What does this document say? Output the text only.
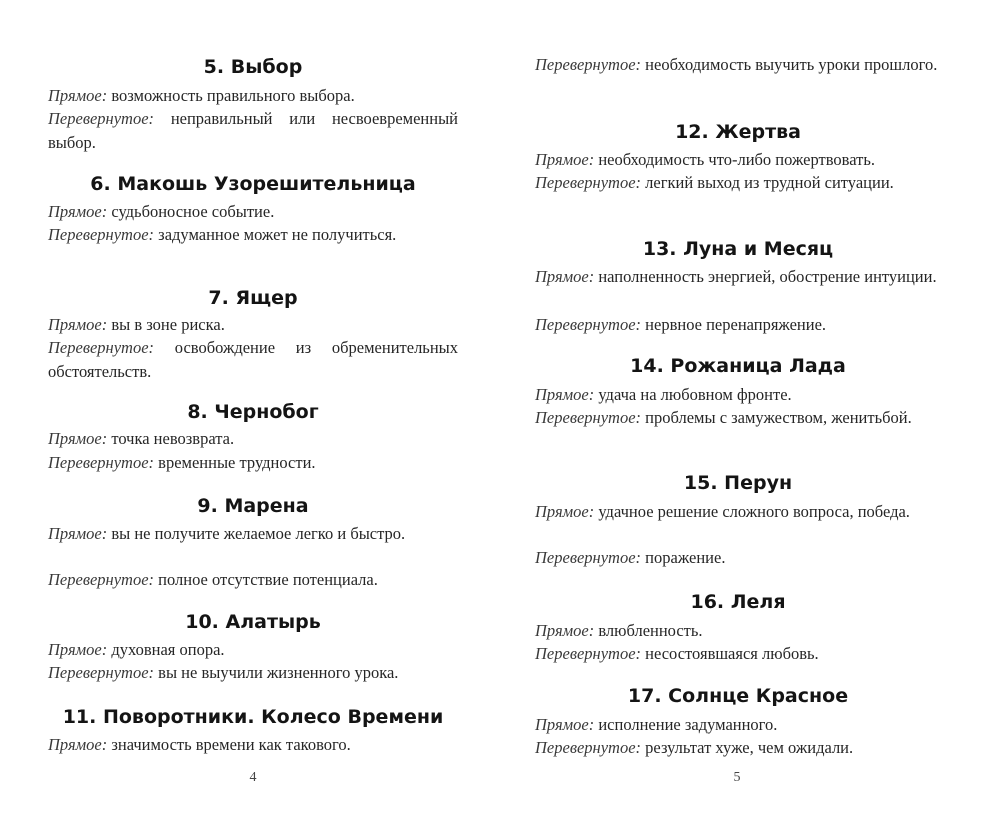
5. Выбор

Прямое: возможность правильного выбора.

Перевернутое: неправильный или несвоевременный выбор.

6. Макошь Узорешительница

Прямое: судьбоносное событие.

Перевернутое: задуманное может не получиться.

7. Ящер

Прямое: вы в зоне риска.

Перевернутое: освобождение из обременительных обстоятельств.

8. Чернобог

Прямое: точка невозврата.

Перевернутое: временные трудности.

9. Марена

Прямое: вы не получите желаемое легко и быстро.

Перевернутое: полное отсутствие потенциала.

10. Алатырь

Прямое: духовная опора.

Перевернутое: вы не выучили жизненного урока.

11. Поворотники. Колесо Времени

Прямое: значимость времени как такового.

4

Перевернутое: необходимость выучить уроки прошлого.

12. Жертва

Прямое: необходимость что-либо пожертвовать.

Перевернутое: легкий выход из трудной ситуации.

13. Луна и Месяц

Прямое: наполненность энергией, обострение интуиции.

Перевернутое: нервное перенапряжение.

14. Рожаница Лада

Прямое: удача на любовном фронте.

Перевернутое: проблемы с замужеством, женитьбой.

15. Перун

Прямое: удачное решение сложного вопроса, победа.

Перевернутое: поражение.

16. Леля

Прямое: влюбленность.

Перевернутое: несостоявшаяся любовь.

17. Солнце Красное

Прямое: исполнение задуманного.

Перевернутое: результат хуже, чем ожидали.

5
